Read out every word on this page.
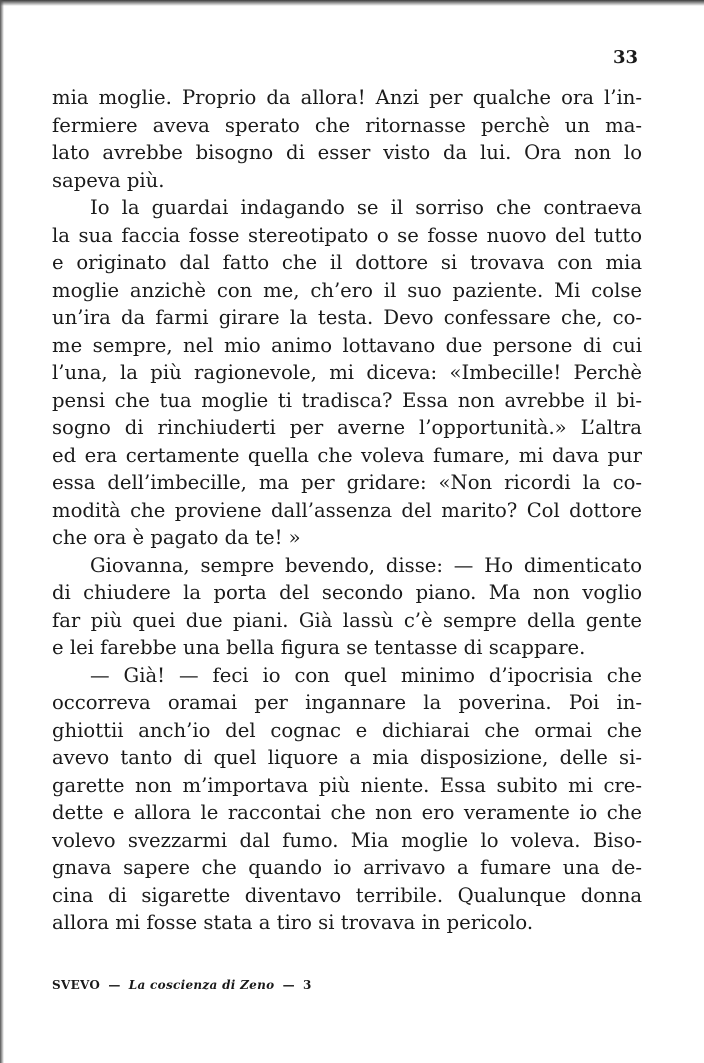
33
mia moglie. Proprio da allora! Anzi per qualche ora l’in-
fermiere aveva sperato che ritornasse perchè un ma-
lato avrebbe bisogno di esser visto da lui. Ora non lo
sapeva più.
Io la guardai indagando se il sorriso che contraeva
la sua faccia fosse stereotipato o se fosse nuovo del tutto
e originato dal fatto che il dottore si trovava con mia
moglie anzichè con me, ch’ero il suo paziente. Mi colse
un’ira da farmi girare la testa. Devo confessare che, co-
me sempre, nel mio animo lottavano due persone di cui
l’una, la più ragionevole, mi diceva: «Imbecille! Perchè
pensi che tua moglie ti tradisca? Essa non avrebbe il bi-
sogno di rinchiuderti per averne l’opportunità.» L’altra
ed era certamente quella che voleva fumare, mi dava pur
essa dell’imbecille, ma per gridare: «Non ricordi la co-
modità che proviene dall’assenza del marito? Col dottore
che ora è pagato da te! »
Giovanna, sempre bevendo, disse: — Ho dimenticato
di chiudere la porta del secondo piano. Ma non voglio
far più quei due piani. Già lassù c’è sempre della gente
e lei farebbe una bella figura se tentasse di scappare.
— Già! — feci io con quel minimo d’ipocrisia che
occorreva oramai per ingannare la poverina. Poi in-
ghiottii anch’io del cognac e dichiarai che ormai che
avevo tanto di quel liquore a mia disposizione, delle si-
garette non m’importava più niente. Essa subito mi cre-
dette e allora le raccontai che non ero veramente io che
volevo svezzarmi dal fumo. Mia moglie lo voleva. Biso-
gnava sapere che quando io arrivavo a fumare una de-
cina di sigarette diventavo terribile. Qualunque donna
allora mi fosse stata a tiro si trovava in pericolo.
SVEVO — La coscienza di Zeno — 3
